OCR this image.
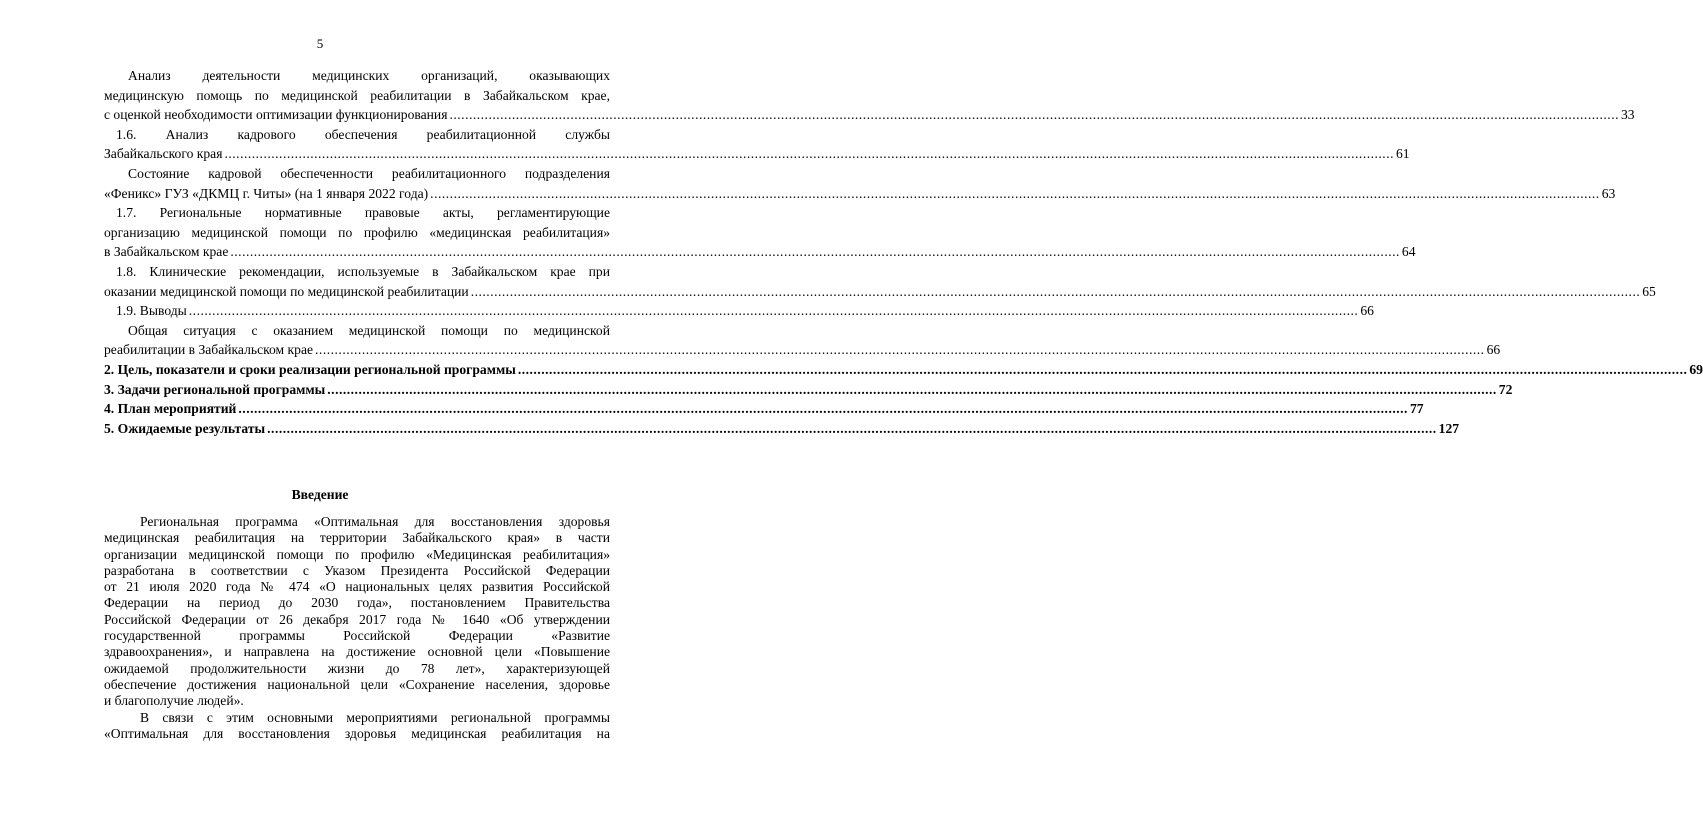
5
Анализ деятельности медицинских организаций, оказывающих
медицинскую помощь по медицинской реабилитации в Забайкальском крае,
с оценкой необходимости оптимизации функционирования ............................................................................................................................................................................................................................................................................................................ 33
1.6. Анализ кадрового обеспечения реабилитационной службы
Забайкальского края ............................................................................................................................................................................................................................................................................................................ 61
Состояние кадровой обеспеченности реабилитационного подразделения
«Феникс» ГУЗ «ДКМЦ г. Читы» (на 1 января 2022 года) ............................................................................................................................................................................................................................................................................................................ 63
1.7. Региональные нормативные правовые акты, регламентирующие
организацию медицинской помощи по профилю «медицинская реабилитация»
в Забайкальском крае ............................................................................................................................................................................................................................................................................................................ 64
1.8. Клинические рекомендации, используемые в Забайкальском крае при
оказании медицинской помощи по медицинской реабилитации ............................................................................................................................................................................................................................................................................................................ 65
1.9. Выводы ............................................................................................................................................................................................................................................................................................................ 66
Общая ситуация с оказанием медицинской помощи по медицинской
реабилитации в Забайкальском крае ............................................................................................................................................................................................................................................................................................................ 66
2. Цель, показатели и сроки реализации региональной программы ............................................................................................................................................................................................................................................................................................................ 69
3. Задачи региональной программы ............................................................................................................................................................................................................................................................................................................ 72
4. План мероприятий ............................................................................................................................................................................................................................................................................................................ 77
5. Ожидаемые результаты ............................................................................................................................................................................................................................................................................................................ 127
Введение
Региональная программа «Оптимальная для восстановления здоровья
медицинская реабилитация на территории Забайкальского края» в части
организации медицинской помощи по профилю «Медицинская реабилитация»
разработана в соответствии с Указом Президента Российской Федерации
от 21 июля 2020 года № 474 «О национальных целях развития Российской
Федерации на период до 2030 года», постановлением Правительства
Российской Федерации от 26 декабря 2017 года № 1640 «Об утверждении
государственной программы Российской Федерации «Развитие
здравоохранения», и направлена на достижение основной цели «Повышение
ожидаемой продолжительности жизни до 78 лет», характеризующей
обеспечение достижения национальной цели «Сохранение населения, здоровье
и благополучие людей».
В связи с этим основными мероприятиями региональной программы
«Оптимальная для восстановления здоровья медицинская реабилитация на
